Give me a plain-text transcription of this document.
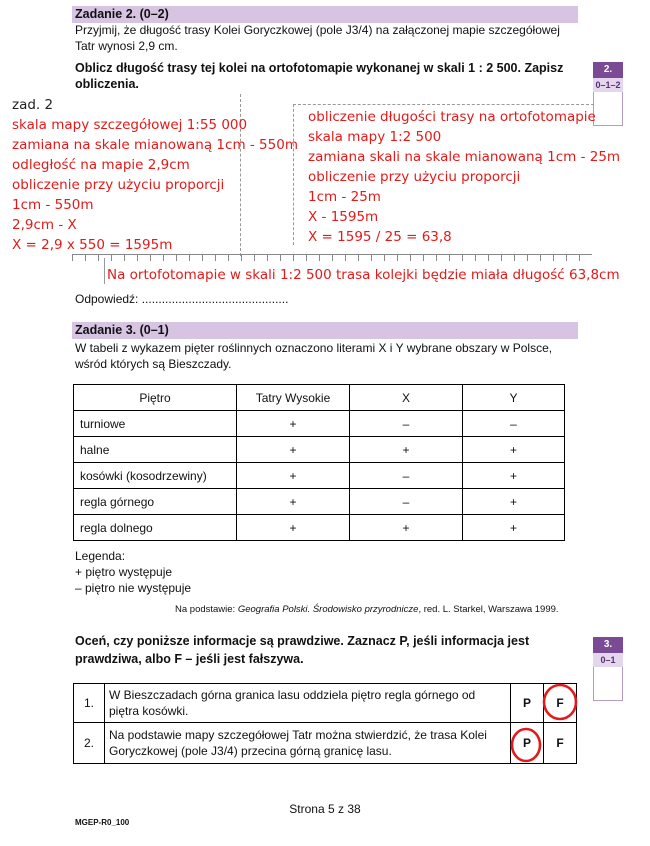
Zadanie 2. (0–2)
Przyjmij, że długość trasy Kolei Goryczkowej (pole J3/4) na załączonej mapie szczegółowej
Tatr wynosi 2,9 cm.
Oblicz długość trasy tej kolei na ortofotomapie wykonanej w skali 1 : 2 500. Zapisz
obliczenia.
2.
0–1–2
zad. 2
skala mapy szczegółowej 1:55 000
zamiana na skale mianowaną 1cm - 550m
odległość na mapie 2,9cm
obliczenie przy użyciu proporcji
1cm - 550m
2,9cm - X
X = 2,9 x 550 = 1595m
obliczenie długości trasy na ortofotomapie
skala mapy 1:2 500
zamiana skali na skale mianowaną 1cm - 25m
obliczenie przy użyciu proporcji
1cm - 25m
X - 1595m
X = 1595 / 25 = 63,8
Na ortofotomapie w skali 1:2 500 trasa kolejki będzie miała długość 63,8cm
Odpowiedź: ............................................
Zadanie 3. (0–1)
W tabeli z wykazem pięter roślinnych oznaczono literami X i Y wybrane obszary w Polsce,
wśród których są Bieszczady.
Piętro	Tatry Wysokie	X	Y
turniowe	+	–	–
halne	+	+	+
kosówki (kosodrzewiny)	+	–	+
regla górnego	+	–	+
regla dolnego	+	+	+
Legenda:
+ piętro występuje
– piętro nie występuje
Na podstawie: Geografia Polski. Środowisko przyrodnicze, red. L. Starkel, Warszawa 1999.
Oceń, czy poniższe informacje są prawdziwe. Zaznacz P, jeśli informacja jest
prawdziwa, albo F – jeśli jest fałszywa.
3.
0–1
1.	W Bieszczadach górna granica lasu oddziela piętro regla górnego od piętra kosówki.	P	F
2.	Na podstawie mapy szczegółowej Tatr można stwierdzić, że trasa Kolei Goryczkowej (pole J3/4) przecina górną granicę lasu.	P	F
Strona 5 z 38
MGEP-R0_100
